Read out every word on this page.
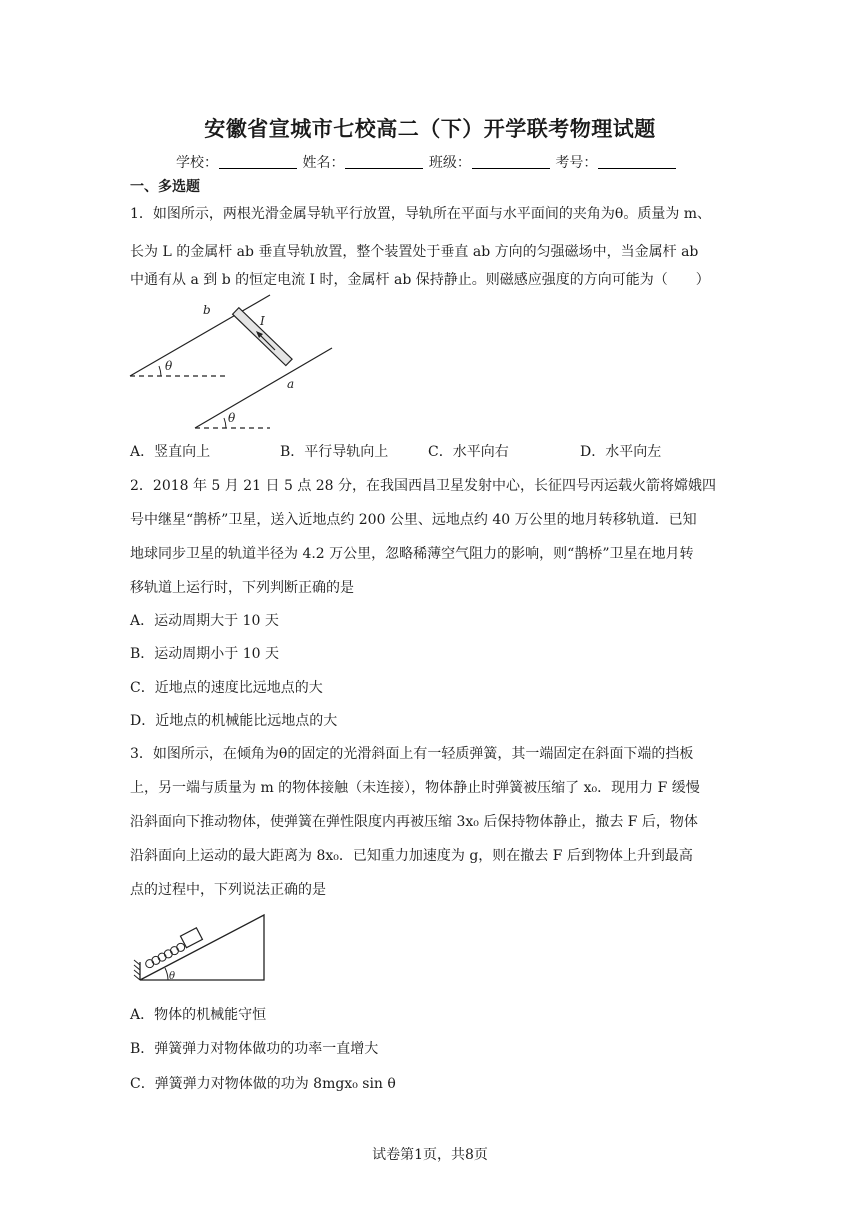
安徽省宣城市七校高二（下）开学联考物理试题
学校：	姓名：	班级：	考号：
一、多选题
1．如图所示，两根光滑金属导轨平行放置，导轨所在平面与水平面间的夹角为θ。质量为 m、
长为 L 的金属杆 ab 垂直导轨放置，整个装置处于垂直 ab 方向的匀强磁场中，当金属杆 ab
中通有从 a 到 b 的恒定电流 I 时，金属杆 ab 保持静止。则磁感应强度的方向可能为（　　）
b
I
a
θ
θ
A．竖直向上	B．平行导轨向上	C．水平向右	D．水平向左
2．2018 年 5 月 21 日 5 点 28 分，在我国西昌卫星发射中心，长征四号丙运载火箭将嫦娥四
号中继星“鹊桥”卫星，送入近地点约 200 公里、远地点约 40 万公里的地月转移轨道．已知
地球同步卫星的轨道半径为 4.2 万公里，忽略稀薄空气阻力的影响，则“鹊桥”卫星在地月转
移轨道上运行时，下列判断正确的是
A．运动周期大于 10 天
B．运动周期小于 10 天
C．近地点的速度比远地点的大
D．近地点的机械能比远地点的大
3．如图所示，在倾角为θ的固定的光滑斜面上有一轻质弹簧，其一端固定在斜面下端的挡板
上，另一端与质量为 m 的物体接触（未连接），物体静止时弹簧被压缩了 x₀．现用力 F 缓慢
沿斜面向下推动物体，使弹簧在弹性限度内再被压缩 3x₀ 后保持物体静止，撤去 F 后，物体
沿斜面向上运动的最大距离为 8x₀．已知重力加速度为 g，则在撤去 F 后到物体上升到最高
点的过程中，下列说法正确的是
θ
A．物体的机械能守恒
B．弹簧弹力对物体做功的功率一直增大
C．弹簧弹力对物体做的功为 8mgx₀ sin θ
试卷第1页，共8页
